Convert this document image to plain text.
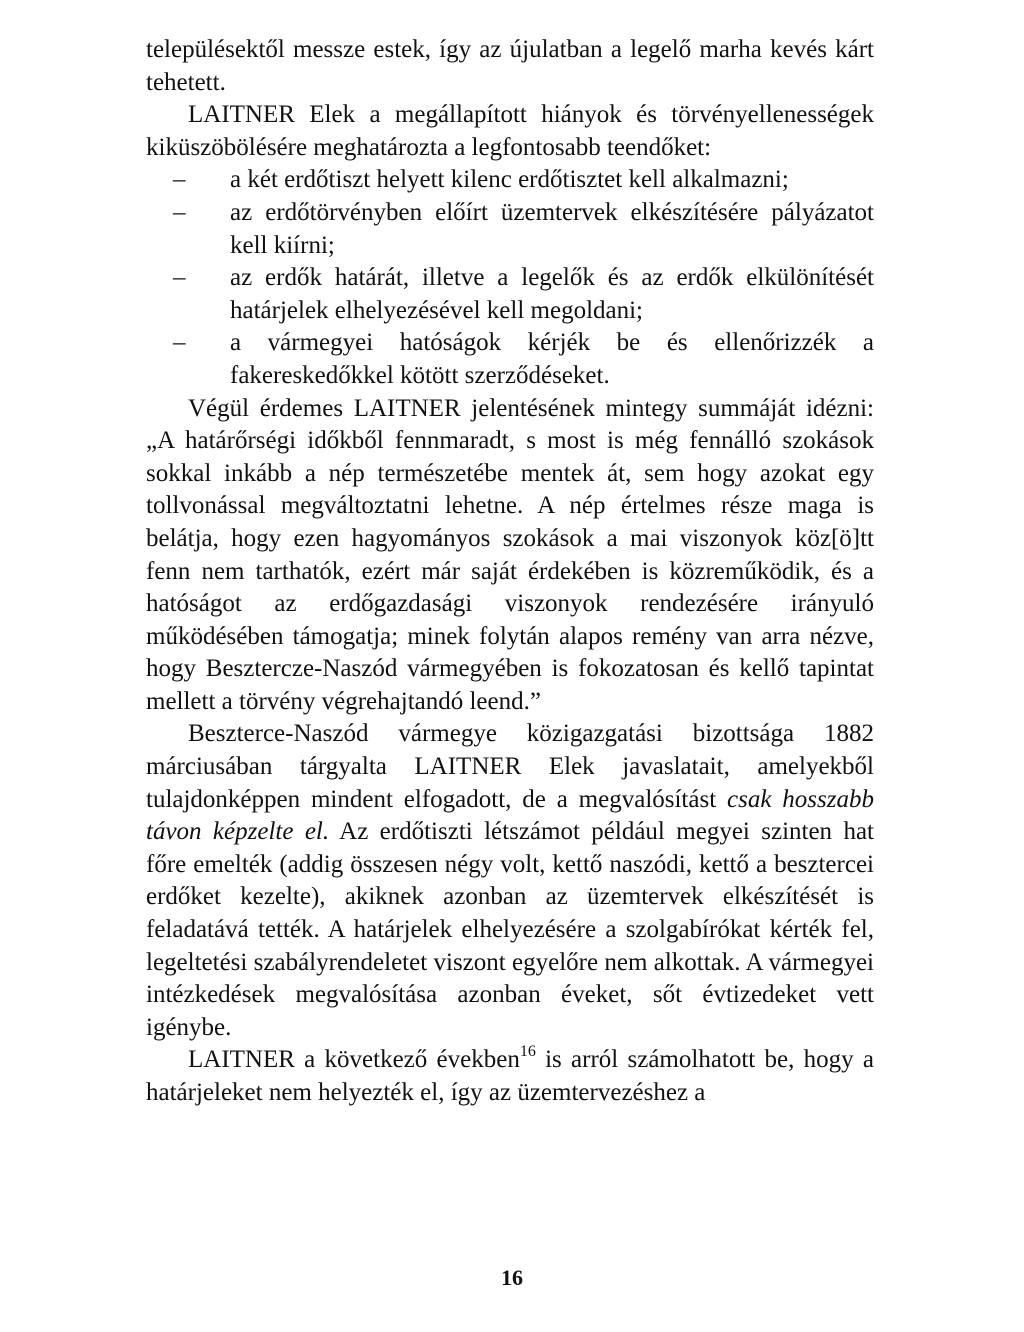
településektől messze estek, így az újulatban a legelő marha kevés kárt tehetett.

LAITNER Elek a megállapított hiányok és törvényellenességek kiküszöbölésére meghatározta a legfontosabb teendőket:

– a két erdőtiszt helyett kilenc erdőtisztet kell alkalmazni;
– az erdőtörvényben előírt üzemtervek elkészítésére pályázatot kell kiírni;
– az erdők határát, illetve a legelők és az erdők elkülönítését határjelek elhelyezésével kell megoldani;
– a vármegyei hatóságok kérjék be és ellenőrizzék a fakereskedőkkel kötött szerződéseket.

Végül érdemes LAITNER jelentésének mintegy summáját idézni: „A határőrségi időkből fennmaradt, s most is még fennálló szokások sokkal inkább a nép természetébe mentek át, sem hogy azokat egy tollvonással megváltoztatni lehetne. A nép értelmes része maga is belátja, hogy ezen hagyományos szokások a mai viszonyok köz[ö]tt fenn nem tarthatók, ezért már saját érdekében is közreműködik, és a hatóságot az erdőgazdasági viszonyok rendezésére irányuló működésében támogatja; minek folytán alapos remény van arra nézve, hogy Besztercze-Naszód vármegyében is fokozatosan és kellő tapintat mellett a törvény végrehajtandó leend.”

Beszterce-Naszód vármegye közigazgatási bizottsága 1882 márciusában tárgyalta LAITNER Elek javaslatait, amelyekből tulajdonképpen mindent elfogadott, de a megvalósítást csak hosszabb távon képzelte el. Az erdőtiszti létszámot például megyei szinten hat főre emelték (addig összesen négy volt, kettő naszódi, kettő a besztercei erdőket kezelte), akiknek azonban az üzemtervek elkészítését is feladatává tették. A határjelek elhelyezésére a szolgabírókat kérték fel, legeltetési szabályrendeletet viszont egyelőre nem alkottak. A vármegyei intézkedések megvalósítása azonban éveket, sőt évtizedeket vett igénybe.

LAITNER a következő években$^{16}$ is arról számolhatott be, hogy a határjeleket nem helyezték el, így az üzemtervezéshez a

16
